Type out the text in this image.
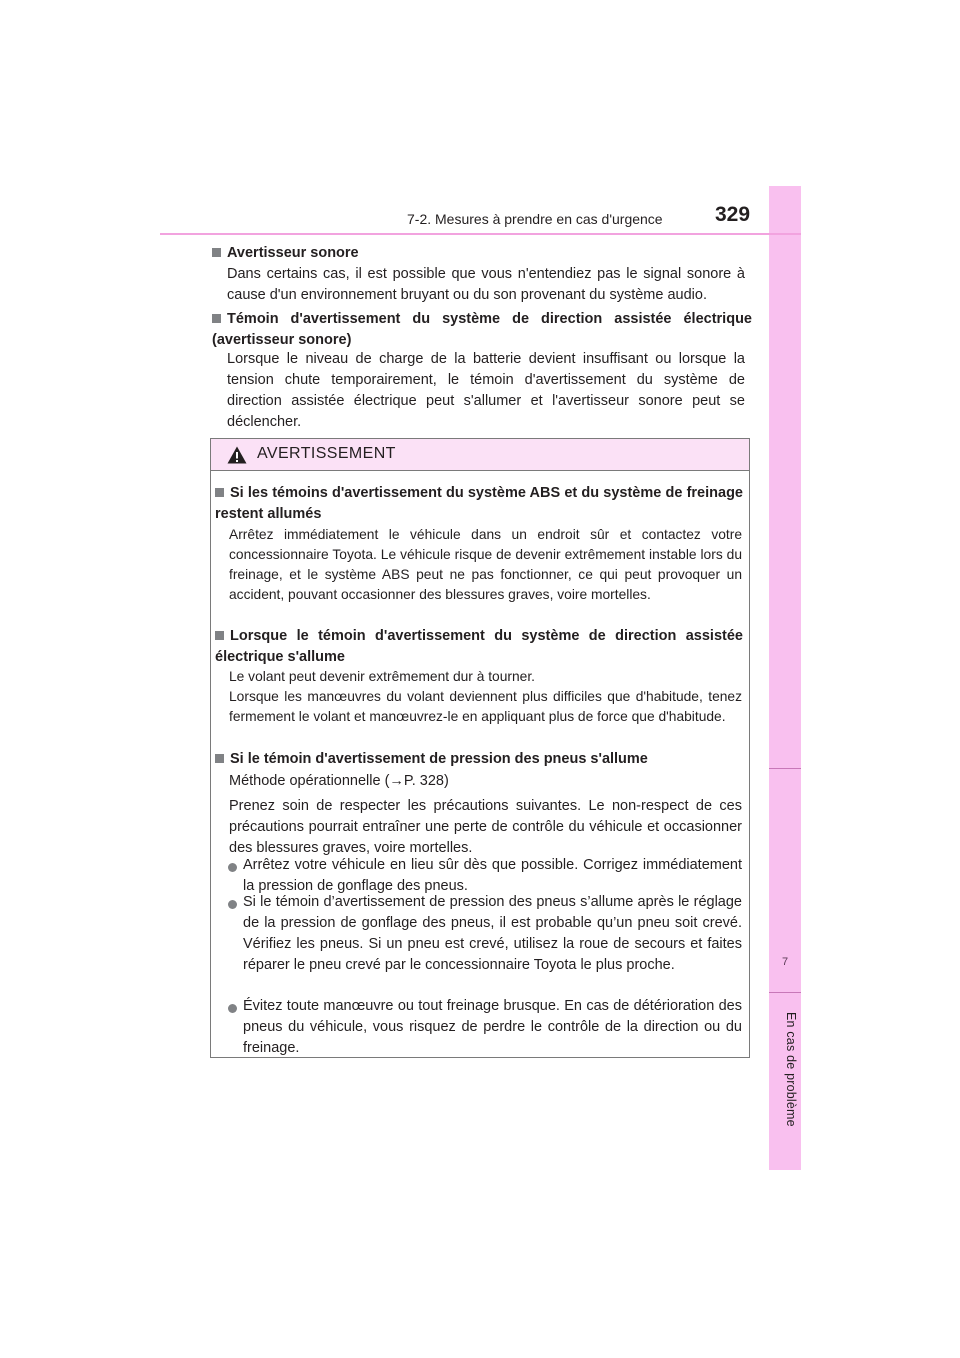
7
En cas de problème
7-2. Mesures à prendre en cas d'urgence 329
Avertisseur sonore
Dans certains cas, il est possible que vous n'entendiez pas le signal sonore à cause d'un environnement bruyant ou du son provenant du système audio.
Témoin d'avertissement du système de direction assistée électrique (avertisseur sonore)
Lorsque le niveau de charge de la batterie devient insuffisant ou lorsque la tension chute temporairement, le témoin d'avertissement du système de direction assistée électrique peut s'allumer et l'avertisseur sonore peut se déclencher.
AVERTISSEMENT
Si les témoins d'avertissement du système ABS et du système de freinage restent allumés
Arrêtez immédiatement le véhicule dans un endroit sûr et contactez votre concessionnaire Toyota. Le véhicule risque de devenir extrêmement instable lors du freinage, et le système ABS peut ne pas fonctionner, ce qui peut provoquer un accident, pouvant occasionner des blessures graves, voire mortelles.
Lorsque le témoin d'avertissement du système de direction assistée électrique s'allume
Le volant peut devenir extrêmement dur à tourner.
Lorsque les manœuvres du volant deviennent plus difficiles que d'habitude, tenez fermement le volant et manœuvrez-le en appliquant plus de force que d'habitude.
Si le témoin d'avertissement de pression des pneus s'allume
Méthode opérationnelle (→P. 328)
Prenez soin de respecter les précautions suivantes. Le non-respect de ces précautions pourrait entraîner une perte de contrôle du véhicule et occasionner des blessures graves, voire mortelles.
Arrêtez votre véhicule en lieu sûr dès que possible. Corrigez immédiatement la pression de gonflage des pneus.
Si le témoin d’avertissement de pression des pneus s’allume après le réglage de la pression de gonflage des pneus, il est probable qu’un pneu soit crevé. Vérifiez les pneus. Si un pneu est crevé, utilisez la roue de secours et faites réparer le pneu crevé par le concessionnaire Toyota le plus proche.
Évitez toute manœuvre ou tout freinage brusque. En cas de détérioration des pneus du véhicule, vous risquez de perdre le contrôle de la direction ou du freinage.
